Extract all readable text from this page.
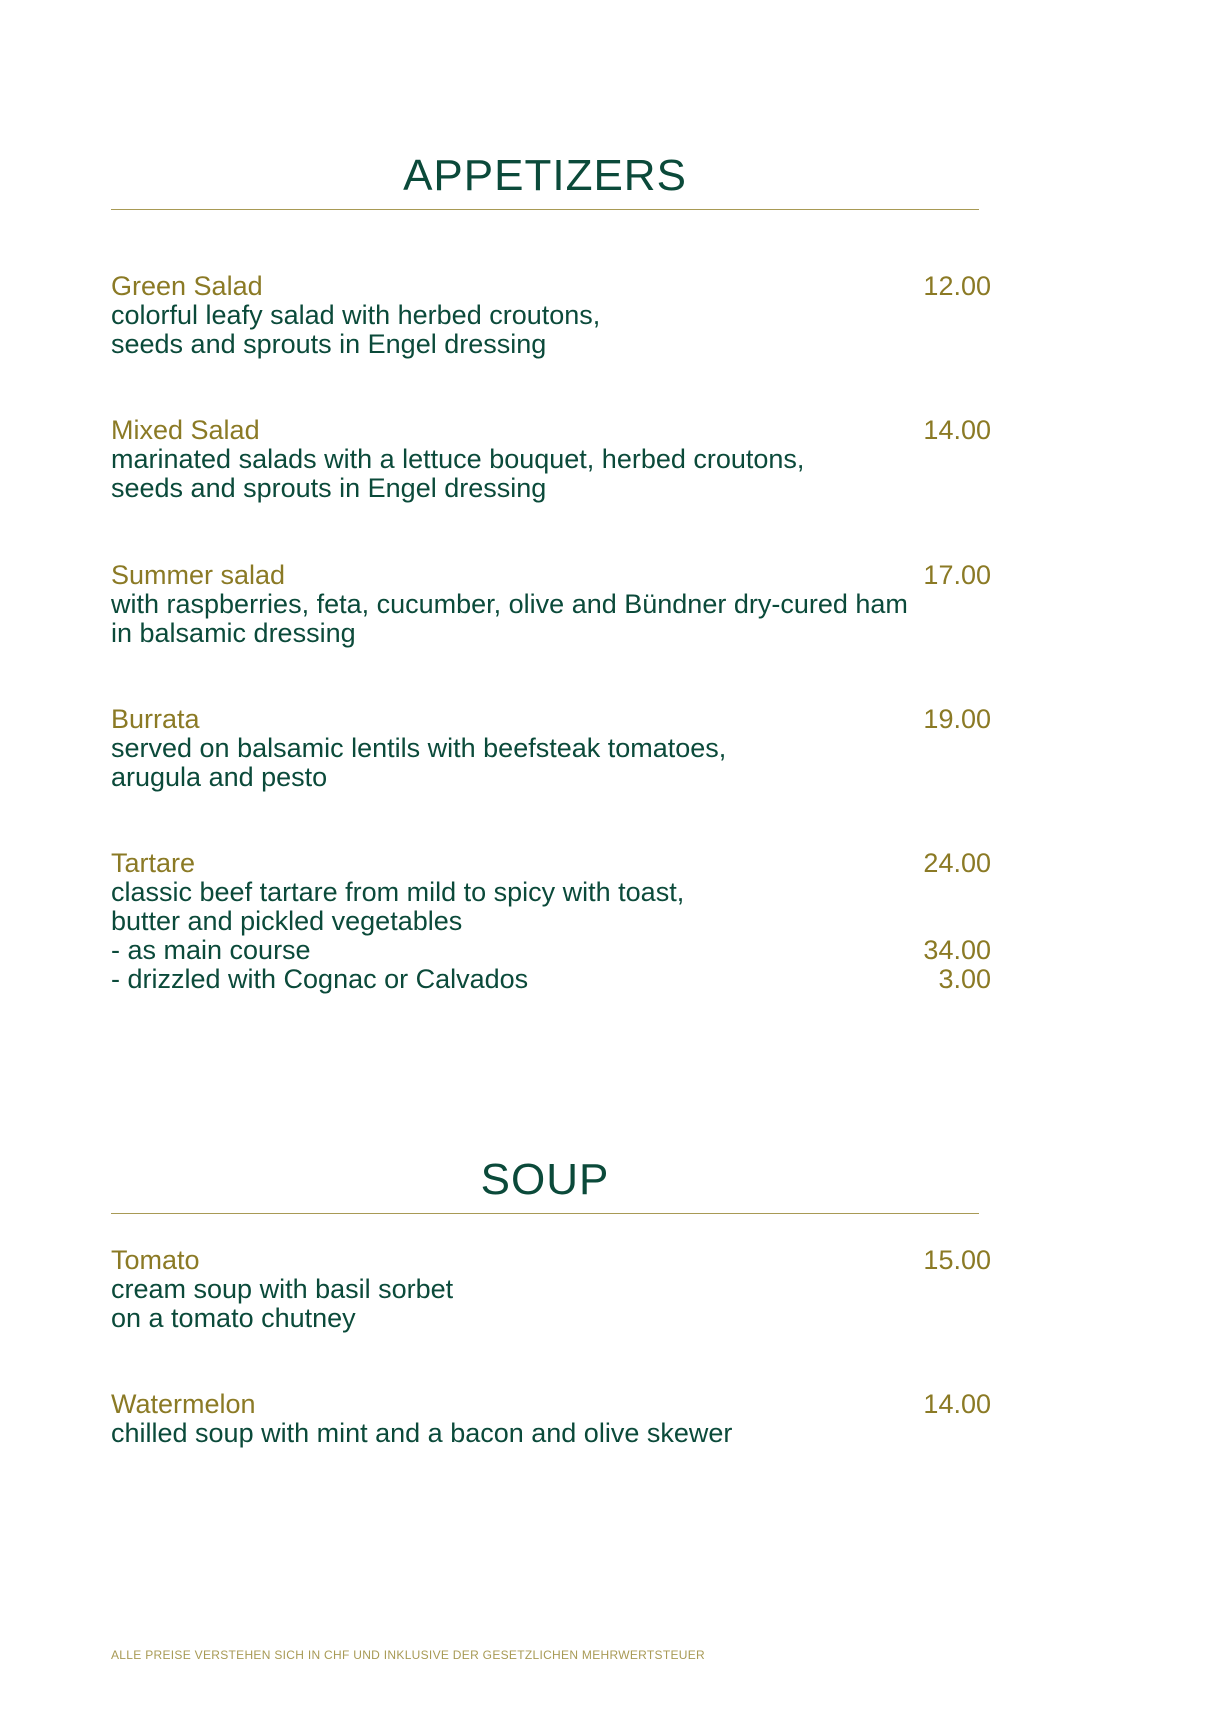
APPETIZERS
Green Salad	12.00
colorful leafy salad with herbed croutons,
seeds and sprouts in Engel dressing
Mixed Salad	14.00
marinated salads with a lettuce bouquet, herbed croutons,
seeds and sprouts in Engel dressing
Summer salad	17.00
with raspberries, feta, cucumber, olive and Bündner dry-cured ham
in balsamic dressing
Burrata	19.00
served on balsamic lentils with beefsteak tomatoes,
arugula and pesto
Tartare	24.00
classic beef tartare from mild to spicy with toast,
butter and pickled vegetables
- as main course	34.00
- drizzled with Cognac or Calvados	3.00
SOUP
Tomato	15.00
cream soup with basil sorbet
on a tomato chutney
Watermelon	14.00
chilled soup with mint and a bacon and olive skewer
ALLE PREISE VERSTEHEN SICH IN CHF UND INKLUSIVE DER GESETZLICHEN MEHRWERTSTEUER
